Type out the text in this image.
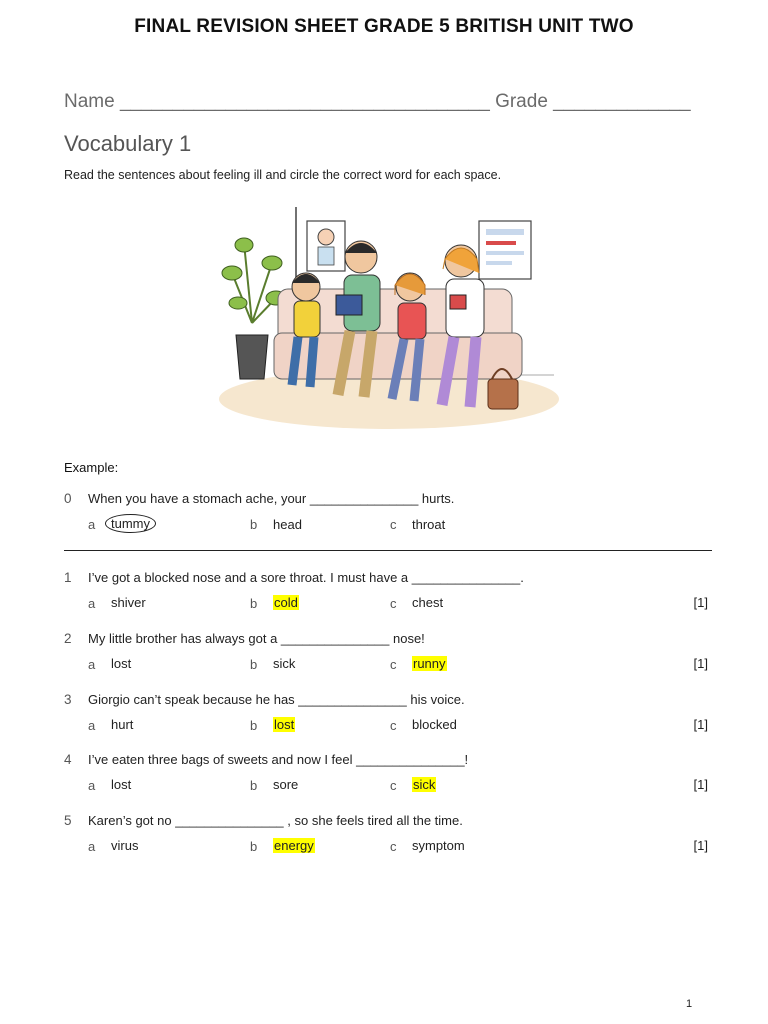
FINAL REVISION SHEET GRADE 5 BRITISH UNIT TWO
Name ___________________________________ Grade _____________
Vocabulary 1
Read the sentences about feeling ill and circle the correct word for each space.
Example:
0 When you have a stomach ache, your _______________ hurts.
a tummy	b head	c throat
1 I’ve got a blocked nose and a sore throat. I must have a _______________.
a shiver	b cold	c chest	[1]
2 My little brother has always got a _______________ nose!
a lost	b sick	c runny	[1]
3 Giorgio can’t speak because he has _______________ his voice.
a hurt	b lost	c blocked	[1]
4 I’ve eaten three bags of sweets and now I feel _______________!
a lost	b sore	c sick	[1]
5 Karen’s got no _______________ , so she feels tired all the time.
a virus	b energy	c symptom	[1]
1
